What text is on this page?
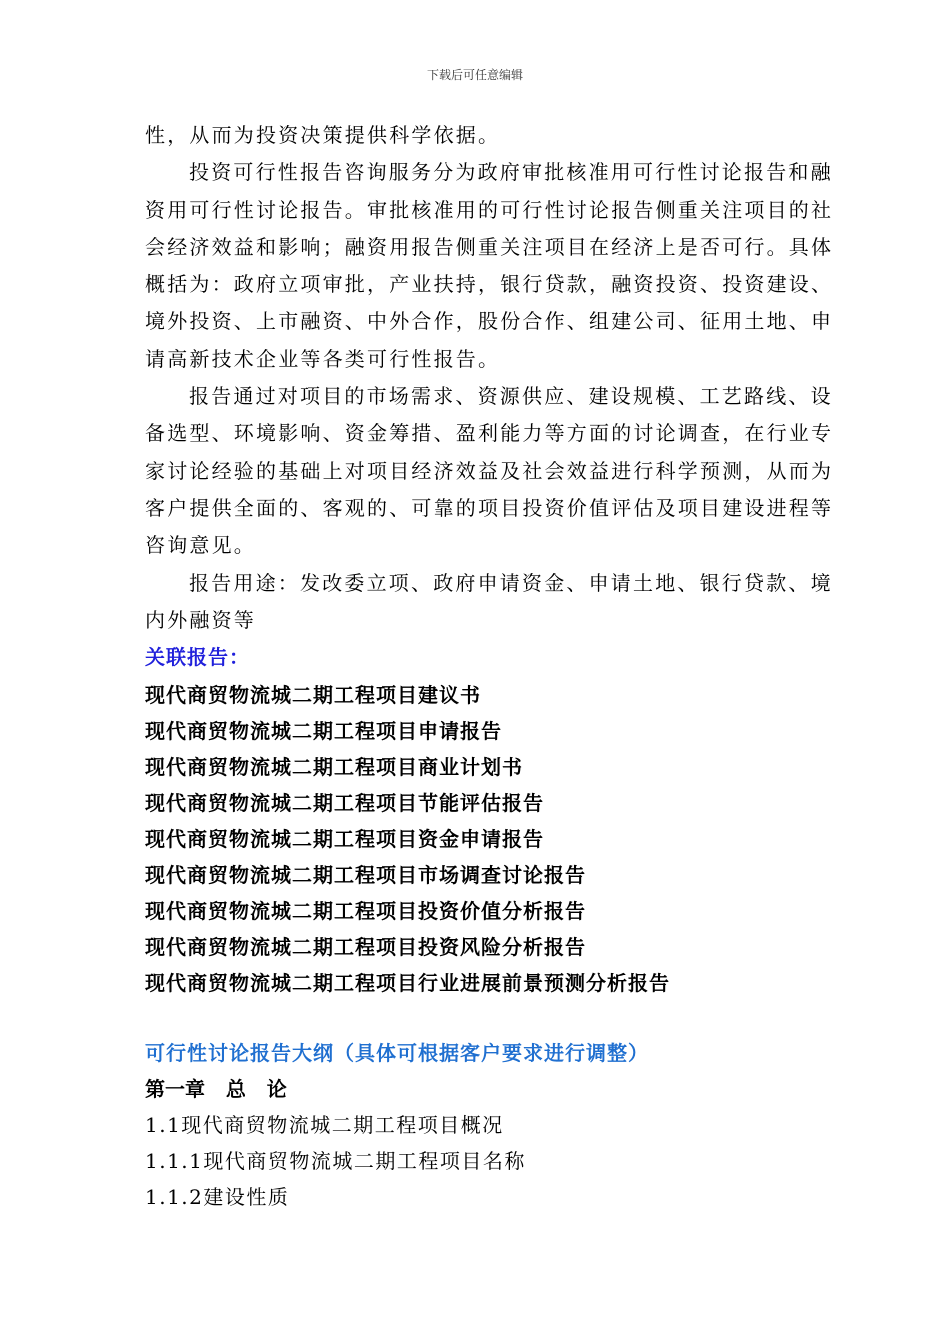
下载后可任意编辑

性，从而为投资决策提供科学依据。

投资可行性报告咨询服务分为政府审批核准用可行性讨论报告和融资用可行性讨论报告。审批核准用的可行性讨论报告侧重关注项目的社会经济效益和影响；融资用报告侧重关注项目在经济上是否可行。具体概括为：政府立项审批，产业扶持，银行贷款，融资投资、投资建设、境外投资、上市融资、中外合作，股份合作、组建公司、征用土地、申请高新技术企业等各类可行性报告。

报告通过对项目的市场需求、资源供应、建设规模、工艺路线、设备选型、环境影响、资金筹措、盈利能力等方面的讨论调查，在行业专家讨论经验的基础上对项目经济效益及社会效益进行科学预测，从而为客户提供全面的、客观的、可靠的项目投资价值评估及项目建设进程等咨询意见。

报告用途：发改委立项、政府申请资金、申请土地、银行贷款、境内外融资等

关联报告：
现代商贸物流城二期工程项目建议书
现代商贸物流城二期工程项目申请报告
现代商贸物流城二期工程项目商业计划书
现代商贸物流城二期工程项目节能评估报告
现代商贸物流城二期工程项目资金申请报告
现代商贸物流城二期工程项目市场调查讨论报告
现代商贸物流城二期工程项目投资价值分析报告
现代商贸物流城二期工程项目投资风险分析报告
现代商贸物流城二期工程项目行业进展前景预测分析报告
可行性讨论报告大纲（具体可根据客户要求进行调整）
第一章   总   论
1.1现代商贸物流城二期工程项目概况
1.1.1现代商贸物流城二期工程项目名称
1.1.2建设性质
